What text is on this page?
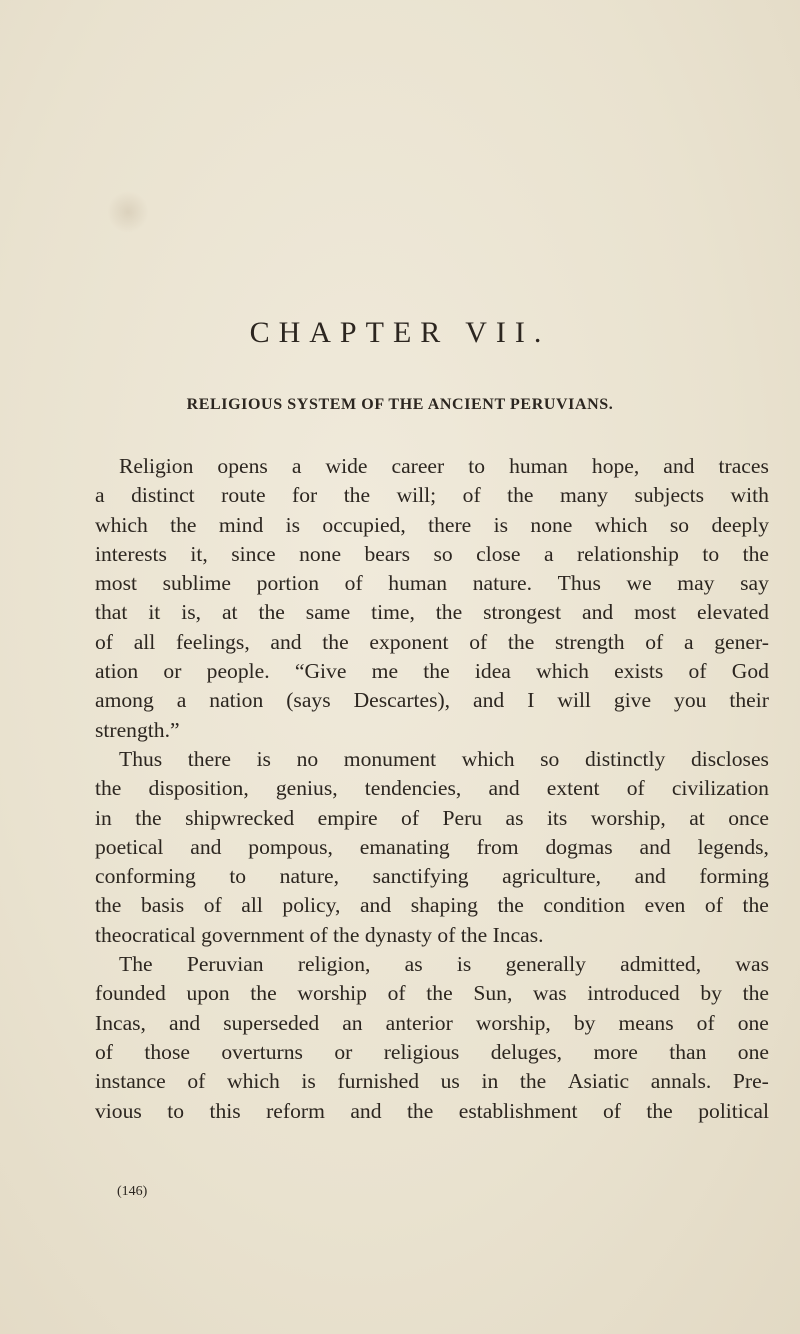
CHAPTER VII.
RELIGIOUS SYSTEM OF THE ANCIENT PERUVIANS.
Religion opens a wide career to human hope, and traces
a distinct route for the will; of the many subjects with
which the mind is occupied, there is none which so deeply
interests it, since none bears so close a relationship to the
most sublime portion of human nature. Thus we may say
that it is, at the same time, the strongest and most elevated
of all feelings, and the exponent of the strength of a gener-
ation or people. “Give me the idea which exists of God
among a nation (says Descartes), and I will give you their
strength.”
Thus there is no monument which so distinctly discloses
the disposition, genius, tendencies, and extent of civilization
in the shipwrecked empire of Peru as its worship, at once
poetical and pompous, emanating from dogmas and legends,
conforming to nature, sanctifying agriculture, and forming
the basis of all policy, and shaping the condition even of the
theocratical government of the dynasty of the Incas.
The Peruvian religion, as is generally admitted, was
founded upon the worship of the Sun, was introduced by the
Incas, and superseded an anterior worship, by means of one
of those overturns or religious deluges, more than one
instance of which is furnished us in the Asiatic annals. Pre-
vious to this reform and the establishment of the political
(146)
